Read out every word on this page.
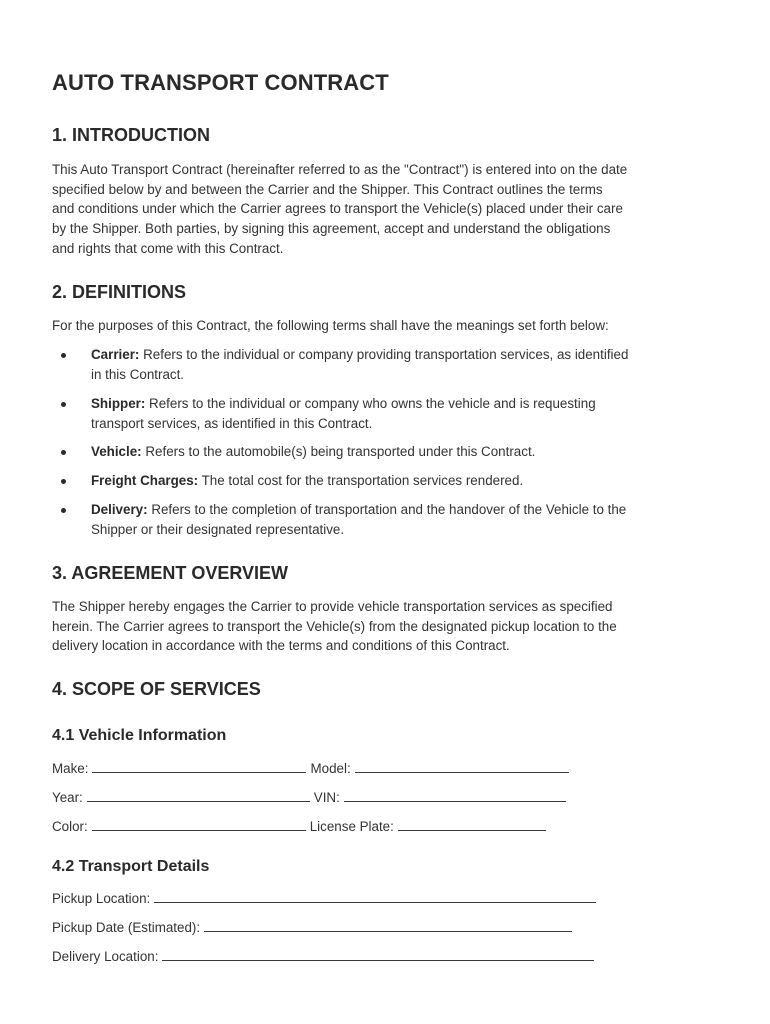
AUTO TRANSPORT CONTRACT
1. INTRODUCTION
This Auto Transport Contract (hereinafter referred to as the "Contract") is entered into on the date
specified below by and between the Carrier and the Shipper. This Contract outlines the terms
and conditions under which the Carrier agrees to transport the Vehicle(s) placed under their care
by the Shipper. Both parties, by signing this agreement, accept and understand the obligations
and rights that come with this Contract.
2. DEFINITIONS
For the purposes of this Contract, the following terms shall have the meanings set forth below:
Carrier: Refers to the individual or company providing transportation services, as identified
in this Contract.
Shipper: Refers to the individual or company who owns the vehicle and is requesting
transport services, as identified in this Contract.
Vehicle: Refers to the automobile(s) being transported under this Contract.
Freight Charges: The total cost for the transportation services rendered.
Delivery: Refers to the completion of transportation and the handover of the Vehicle to the
Shipper or their designated representative.
3. AGREEMENT OVERVIEW
The Shipper hereby engages the Carrier to provide vehicle transportation services as specified
herein. The Carrier agrees to transport the Vehicle(s) from the designated pickup location to the
delivery location in accordance with the terms and conditions of this Contract.
4. SCOPE OF SERVICES
4.1 Vehicle Information
Make:	Model:
Year:	VIN:
Color:	License Plate:
4.2 Transport Details
Pickup Location:
Pickup Date (Estimated):
Delivery Location:
